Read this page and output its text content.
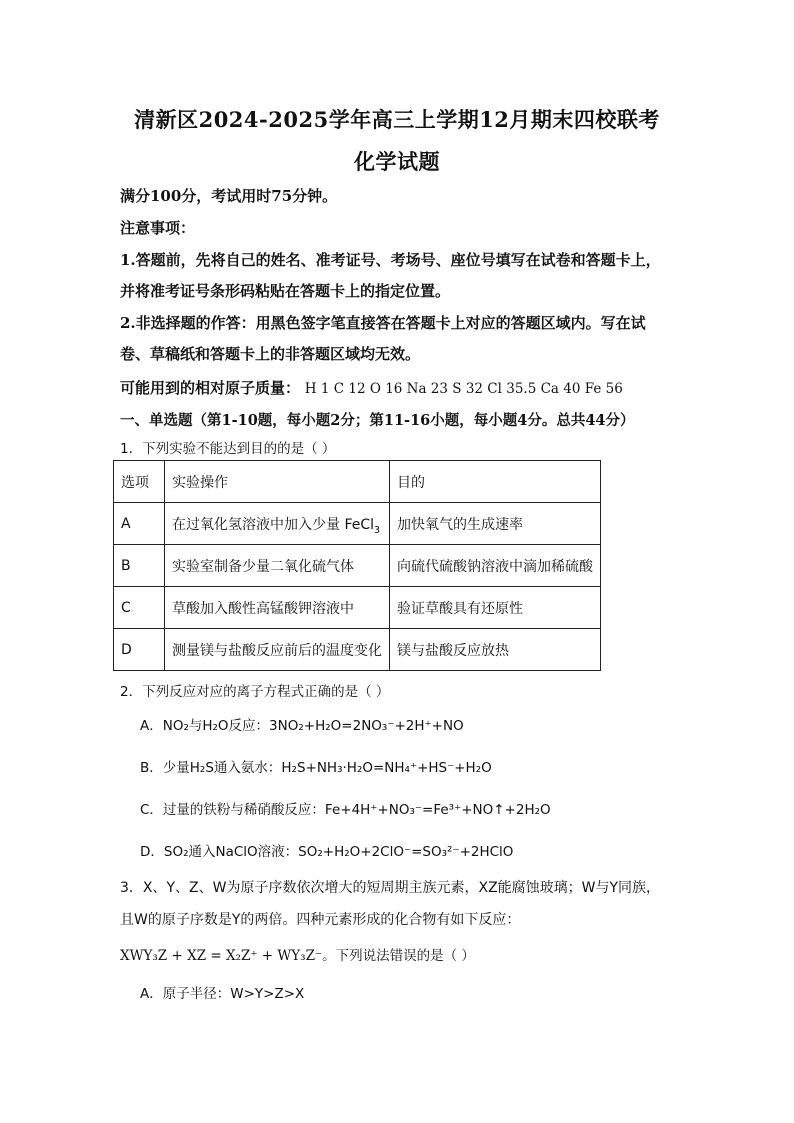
清新区2024-2025学年高三上学期12月期末四校联考
化学试题
满分100分，考试用时75分钟。
注意事项：
1.答题前，先将自己的姓名、准考证号、考场号、座位号填写在试卷和答题卡上，
并将准考证号条形码粘贴在答题卡上的指定位置。
2.非选择题的作答：用黑色签字笔直接答在答题卡上对应的答题区域内。写在试
卷、草稿纸和答题卡上的非答题区域均无效。
可能用到的相对原子质量： H 1 C 12 O 16 Na 23 S 32 Cl 35.5 Ca 40 Fe 56
一、单选题（第1-10题，每小题2分；第11-16小题，每小题4分。总共44分）
1．下列实验不能达到目的的是（ ）
选项	实验操作	目的
A	在过氧化氢溶液中加入少量 FeCl$_3$	加快氧气的生成速率
B	实验室制备少量二氧化硫气体	向硫代硫酸钠溶液中滴加稀硫酸
C	草酸加入酸性高锰酸钾溶液中	验证草酸具有还原性
D	测量镁与盐酸反应前后的温度变化	镁与盐酸反应放热
2．下列反应对应的离子方程式正确的是（ ）
A．NO₂与H₂O反应：3NO₂+H₂O=2NO₃⁻+2H⁺+NO
B．少量H₂S通入氨水：H₂S+NH₃·H₂O=NH₄⁺+HS⁻+H₂O
C．过量的铁粉与稀硝酸反应：Fe+4H⁺+NO₃⁻=Fe³⁺+NO↑+2H₂O
D．SO₂通入NaClO溶液：SO₂+H₂O+2ClO⁻=SO₃²⁻+2HClO
3．X、Y、Z、W为原子序数依次增大的短周期主族元素，XZ能腐蚀玻璃；W与Y同族，
且W的原子序数是Y的两倍。四种元素形成的化合物有如下反应：
XWY₃Z + XZ = X₂Z⁺ + WY₃Z⁻。下列说法错误的是（ ）
A．原子半径：W>Y>Z>X
